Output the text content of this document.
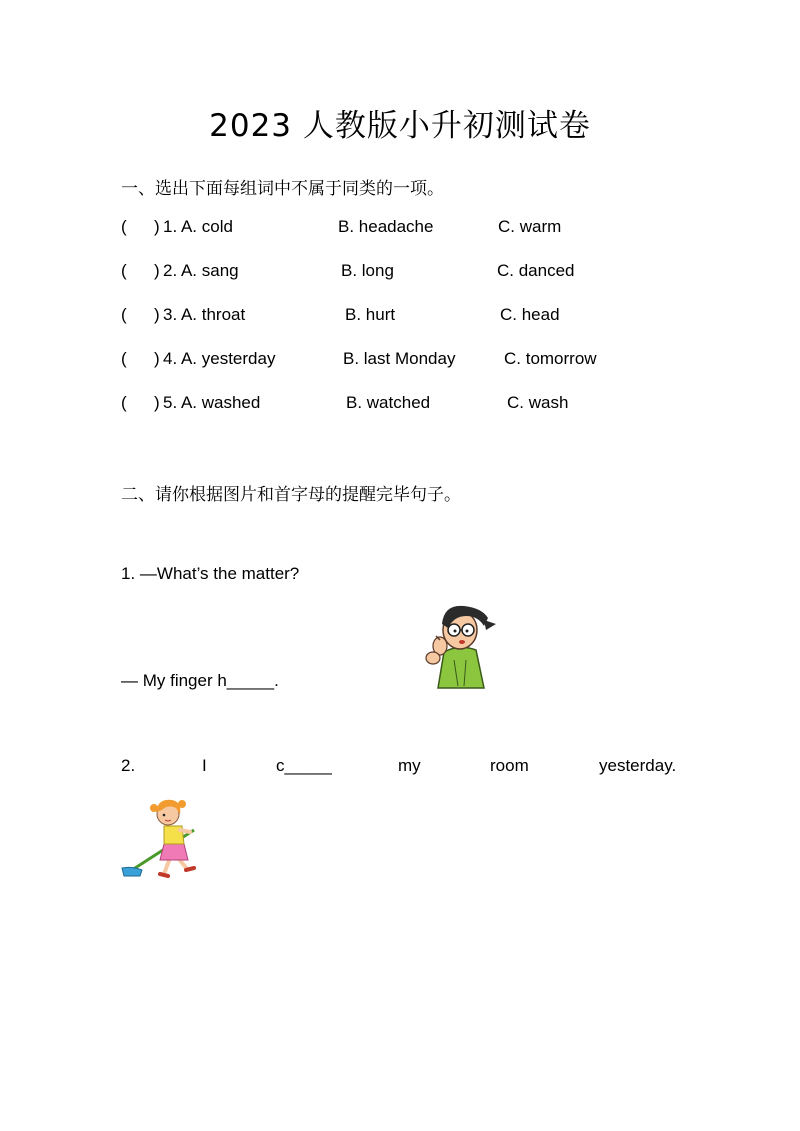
2023 人教版小升初测试卷
一、选出下面每组词中不属于同类的一项。
( ) 1. A. cold	B. headache	C. warm
( ) 2. A. sang	B. long	C. danced
( ) 3. A. throat	B. hurt	C. head
( ) 4. A. yesterday	B. last Monday	C. tomorrow
( ) 5. A. washed	B. watched	C. wash
二、请你根据图片和首字母的提醒完毕句子。
1. —What’s the matter?
— My finger h_____.
2.	I	c_____	my	room	yesterday.
